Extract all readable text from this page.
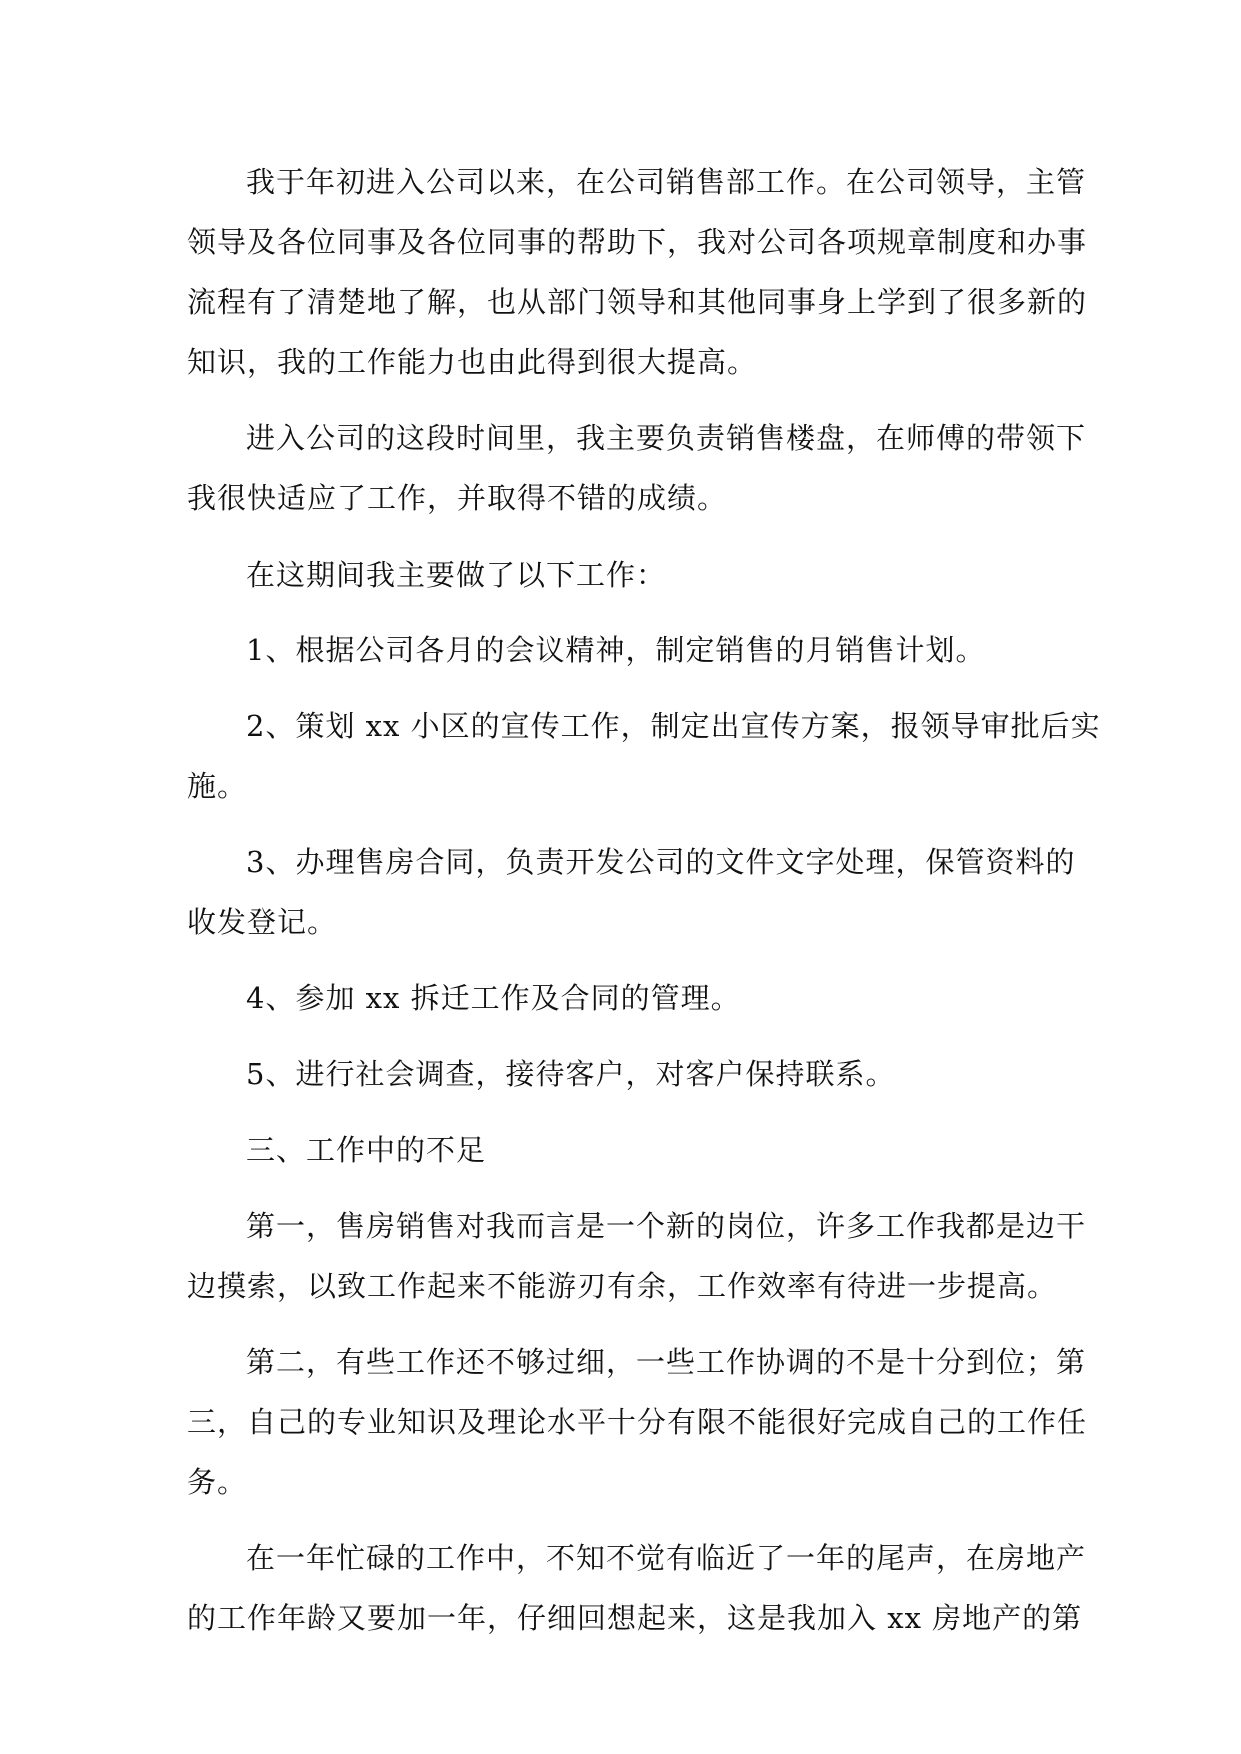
我于年初进入公司以来，在公司销售部工作。在公司领导，主管

领导及各位同事及各位同事的帮助下，我对公司各项规章制度和办事

流程有了清楚地了解，也从部门领导和其他同事身上学到了很多新的

知识，我的工作能力也由此得到很大提高。

进入公司的这段时间里，我主要负责销售楼盘，在师傅的带领下

我很快适应了工作，并取得不错的成绩。

在这期间我主要做了以下工作：

1、根据公司各月的会议精神，制定销售的月销售计划。

2、策划 xx 小区的宣传工作，制定出宣传方案，报领导审批后实

施。

3、办理售房合同，负责开发公司的文件文字处理，保管资料的

收发登记。

4、参加 xx 拆迁工作及合同的管理。

5、进行社会调查，接待客户，对客户保持联系。

三、工作中的不足

第一，售房销售对我而言是一个新的岗位，许多工作我都是边干

边摸索，以致工作起来不能游刃有余，工作效率有待进一步提高。

第二，有些工作还不够过细，一些工作协调的不是十分到位；第

三，自己的专业知识及理论水平十分有限不能很好完成自己的工作任

务。

在一年忙碌的工作中，不知不觉有临近了一年的尾声，在房地产

的工作年龄又要加一年，仔细回想起来，这是我加入 xx 房地产的第
